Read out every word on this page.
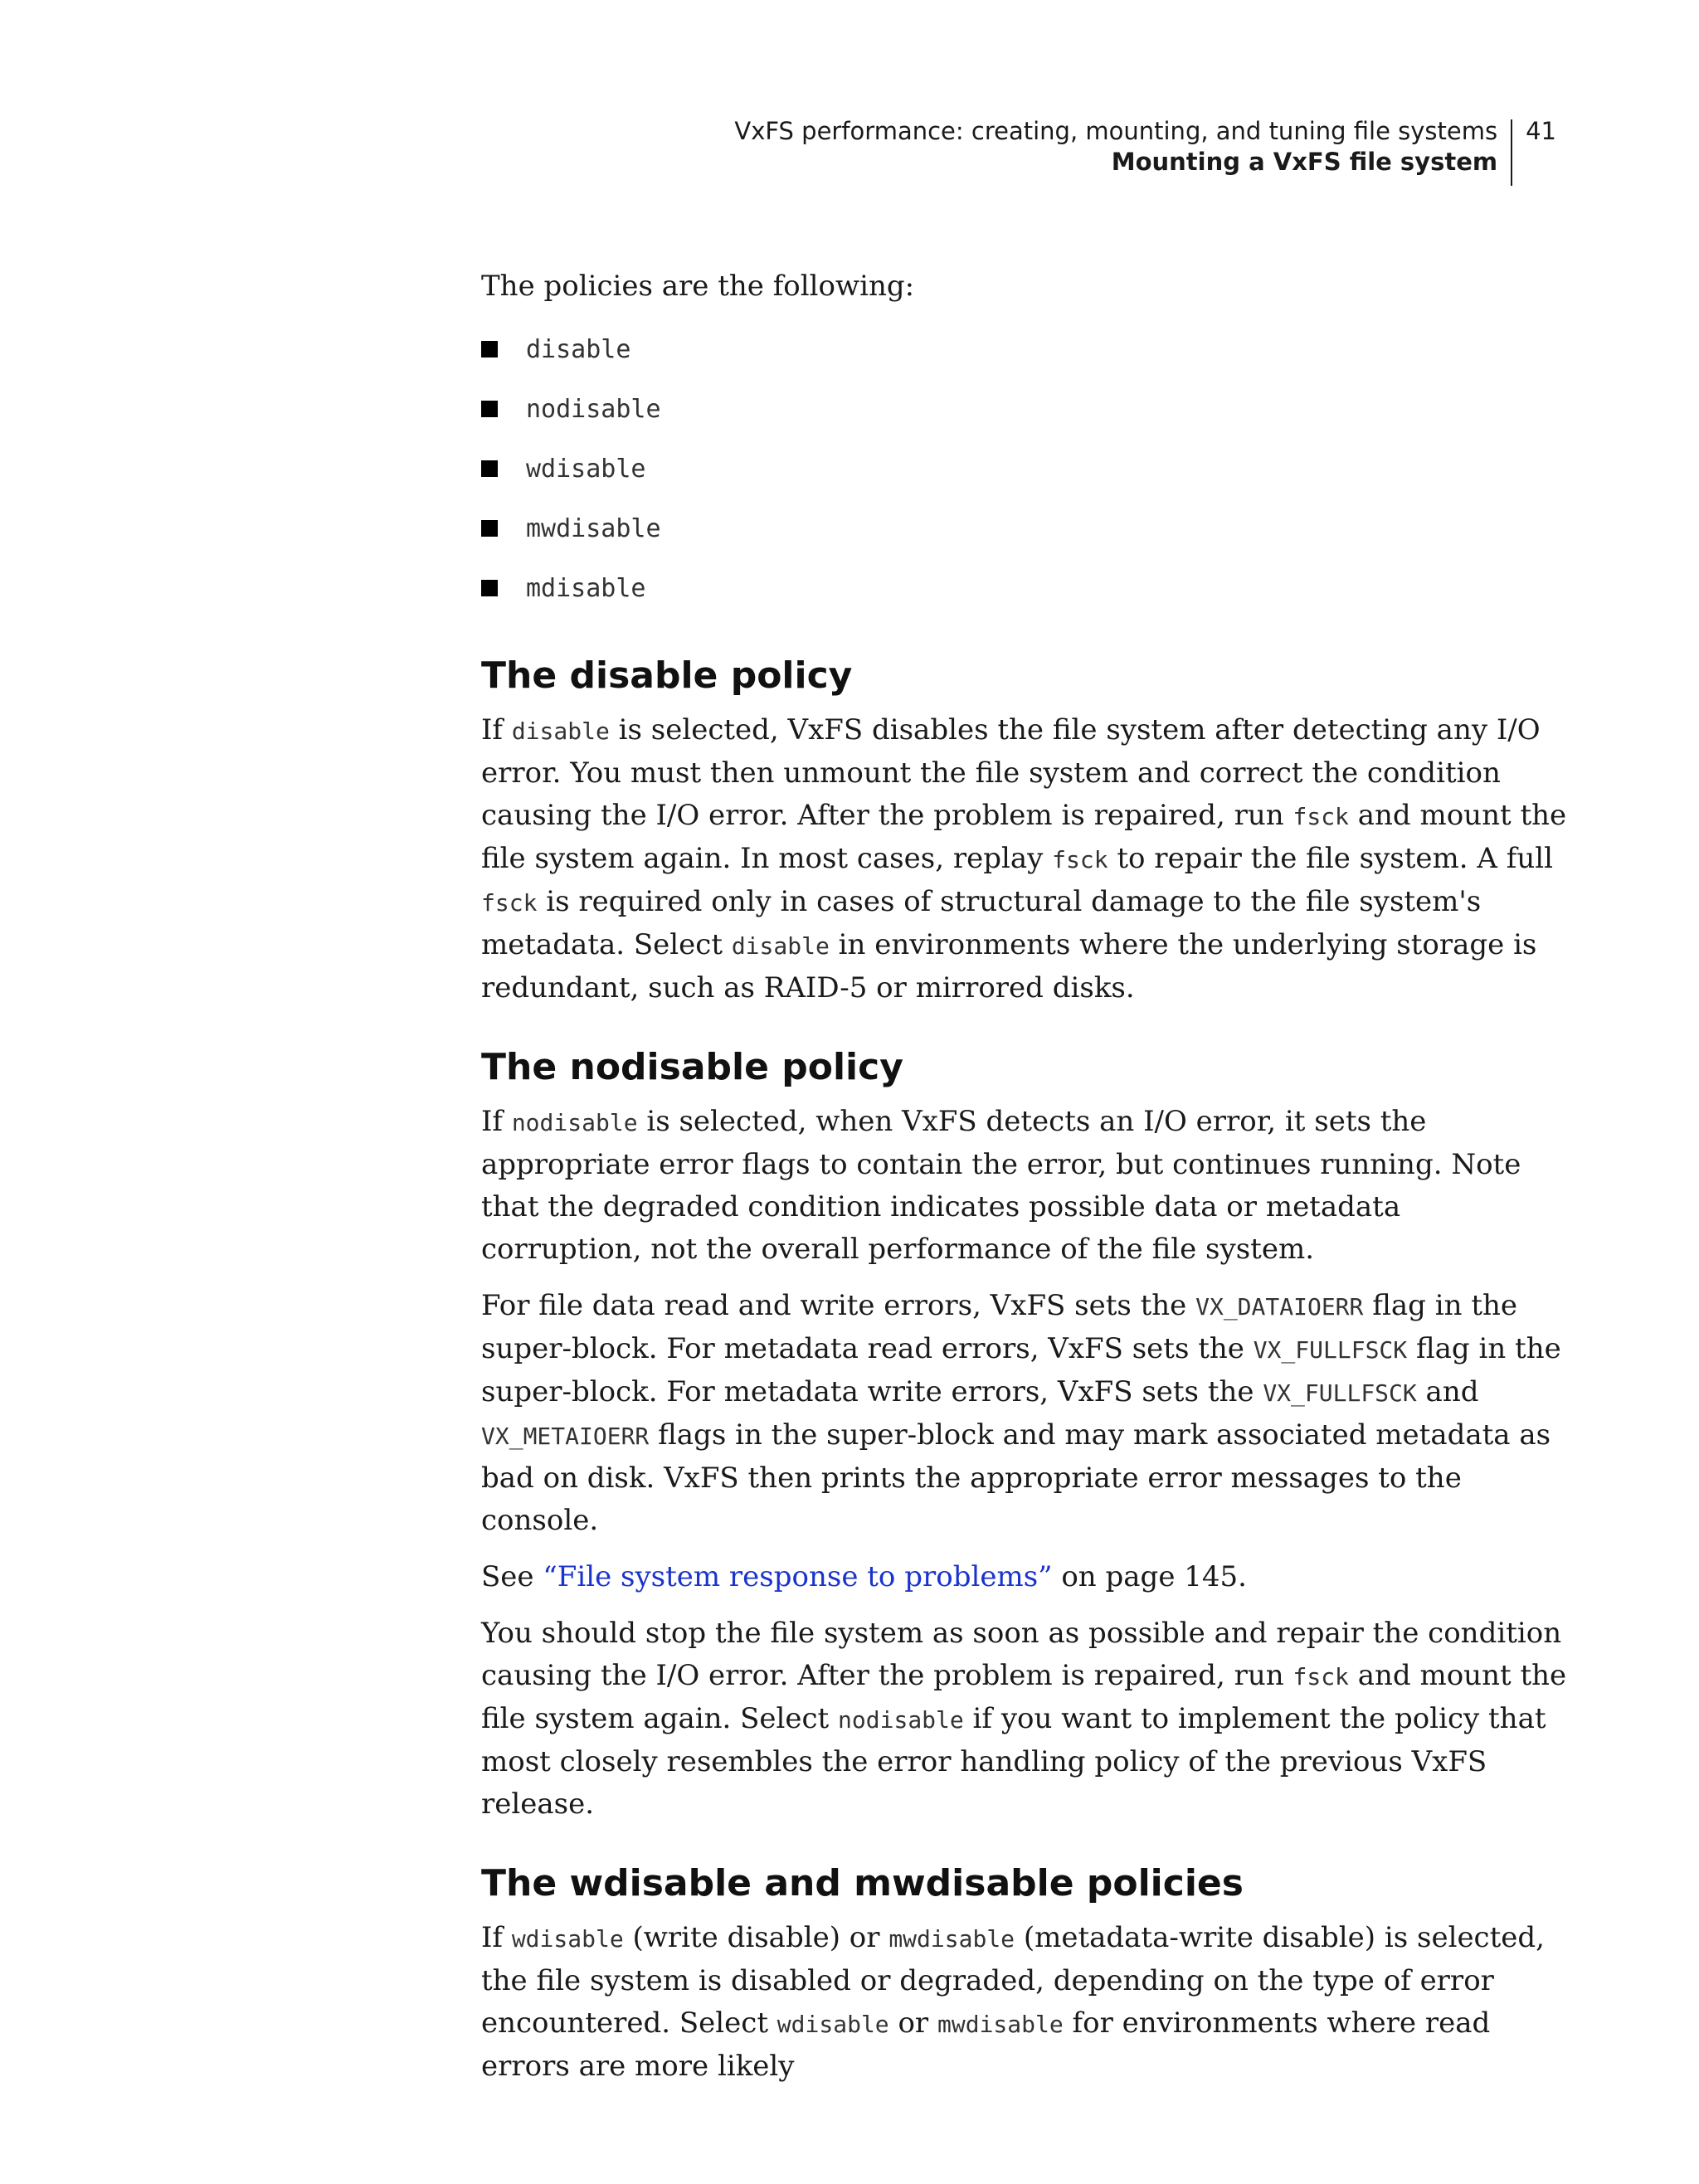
VxFS performance: creating, mounting, and tuning file systems
Mounting a VxFS file system
41

The policies are the following:

disable
nodisable
wdisable
mwdisable
mdisable
The disable policy

If disable is selected, VxFS disables the file system after detecting any I/O error. You must then unmount the file system and correct the condition causing the I/O error. After the problem is repaired, run fsck and mount the file system again. In most cases, replay fsck to repair the file system. A full fsck is required only in cases of structural damage to the file system's metadata. Select disable in environments where the underlying storage is redundant, such as RAID-5 or mirrored disks.

The nodisable policy

If nodisable is selected, when VxFS detects an I/O error, it sets the appropriate error flags to contain the error, but continues running. Note that the degraded condition indicates possible data or metadata corruption, not the overall performance of the file system.

For file data read and write errors, VxFS sets the VX_DATAIOERR flag in the super-block. For metadata read errors, VxFS sets the VX_FULLFSCK flag in the super-block. For metadata write errors, VxFS sets the VX_FULLFSCK and VX_METAIOERR flags in the super-block and may mark associated metadata as bad on disk. VxFS then prints the appropriate error messages to the console.

See “File system response to problems” on page 145.

You should stop the file system as soon as possible and repair the condition causing the I/O error. After the problem is repaired, run fsck and mount the file system again. Select nodisable if you want to implement the policy that most closely resembles the error handling policy of the previous VxFS release.

The wdisable and mwdisable policies

If wdisable (write disable) or mwdisable (metadata-write disable) is selected, the file system is disabled or degraded, depending on the type of error encountered. Select wdisable or mwdisable for environments where read errors are more likely
